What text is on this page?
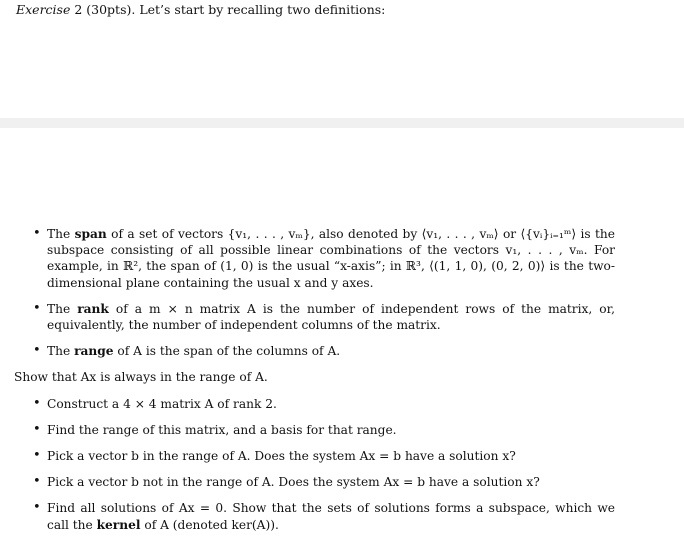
Exercise 2 (30pts). Let’s start by recalling two definitions:
• The span of a set of vectors {v₁, . . . , vₘ}, also denoted by ⟨v₁, . . . , vₘ⟩ or ⟨{vᵢ}ᵢ₌₁ᵐ⟩ is the subspace consisting of all possible linear combinations of the vectors v₁, . . . , vₘ. For example, in ℝ², the span of (1, 0) is the usual “x-axis”; in ℝ³, ⟨(1, 1, 0), (0, 2, 0)⟩ is the two-dimensional plane containing the usual x and y axes.
• The rank of a m × n matrix A is the number of independent rows of the matrix, or, equivalently, the number of independent columns of the matrix.
• The range of A is the span of the columns of A.

Show that Ax is always in the range of A.

• Construct a 4 × 4 matrix A of rank 2.
• Find the range of this matrix, and a basis for that range.
• Pick a vector b in the range of A. Does the system Ax = b have a solution x?
• Pick a vector b not in the range of A. Does the system Ax = b have a solution x?
• Find all solutions of Ax = 0. Show that the sets of solutions forms a subspace, which we call the kernel of A (denoted ker(A)).
